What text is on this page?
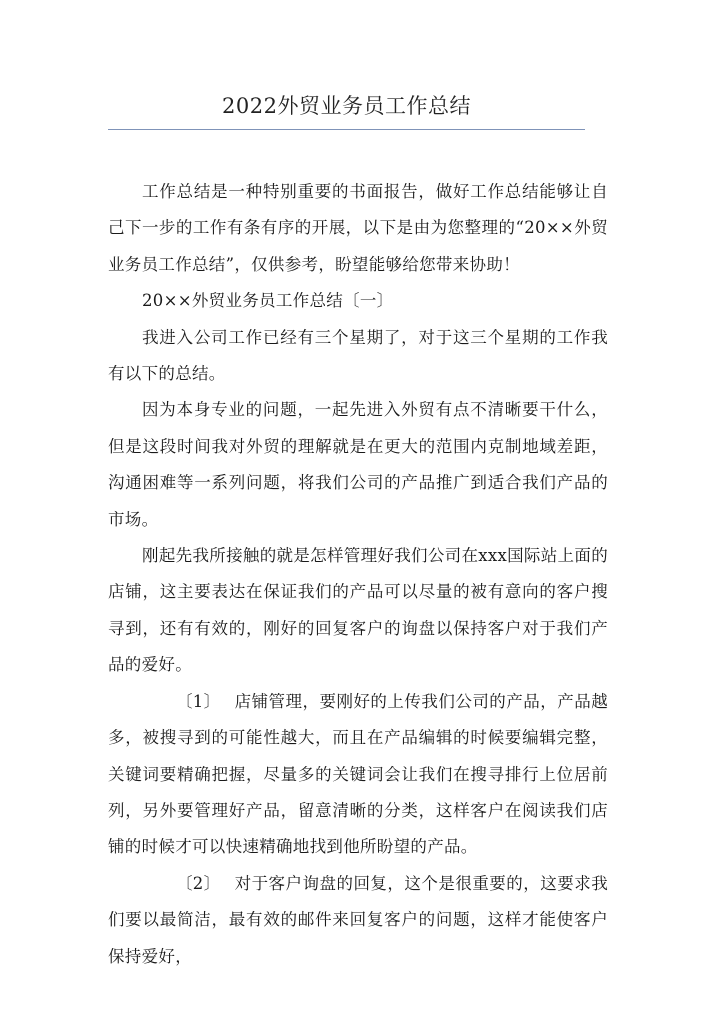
2022外贸业务员工作总结

工作总结是一种特别重要的书面报告，做好工作总结能够让自己下一步的工作有条有序的开展，以下是由为您整理的“20××外贸业务员工作总结”，仅供参考，盼望能够给您带来协助！

20××外贸业务员工作总结〔一〕

我进入公司工作已经有三个星期了，对于这三个星期的工作我有以下的总结。

因为本身专业的问题，一起先进入外贸有点不清晰要干什么，但是这段时间我对外贸的理解就是在更大的范围内克制地域差距，沟通困难等一系列问题，将我们公司的产品推广到适合我们产品的市场。

刚起先我所接触的就是怎样管理好我们公司在xxx国际站上面的店铺，这主要表达在保证我们的产品可以尽量的被有意向的客户搜寻到，还有有效的，刚好的回复客户的询盘以保持客户对于我们产品的爱好。

〔1〕 店铺管理，要刚好的上传我们公司的产品，产品越多，被搜寻到的可能性越大，而且在产品编辑的时候要编辑完整，关键词要精确把握，尽量多的关键词会让我们在搜寻排行上位居前列，另外要管理好产品，留意清晰的分类，这样客户在阅读我们店铺的时候才可以快速精确地找到他所盼望的产品。

〔2〕 对于客户询盘的回复，这个是很重要的，这要求我们要以最简洁，最有效的邮件来回复客户的问题，这样才能使客户保持爱好，
